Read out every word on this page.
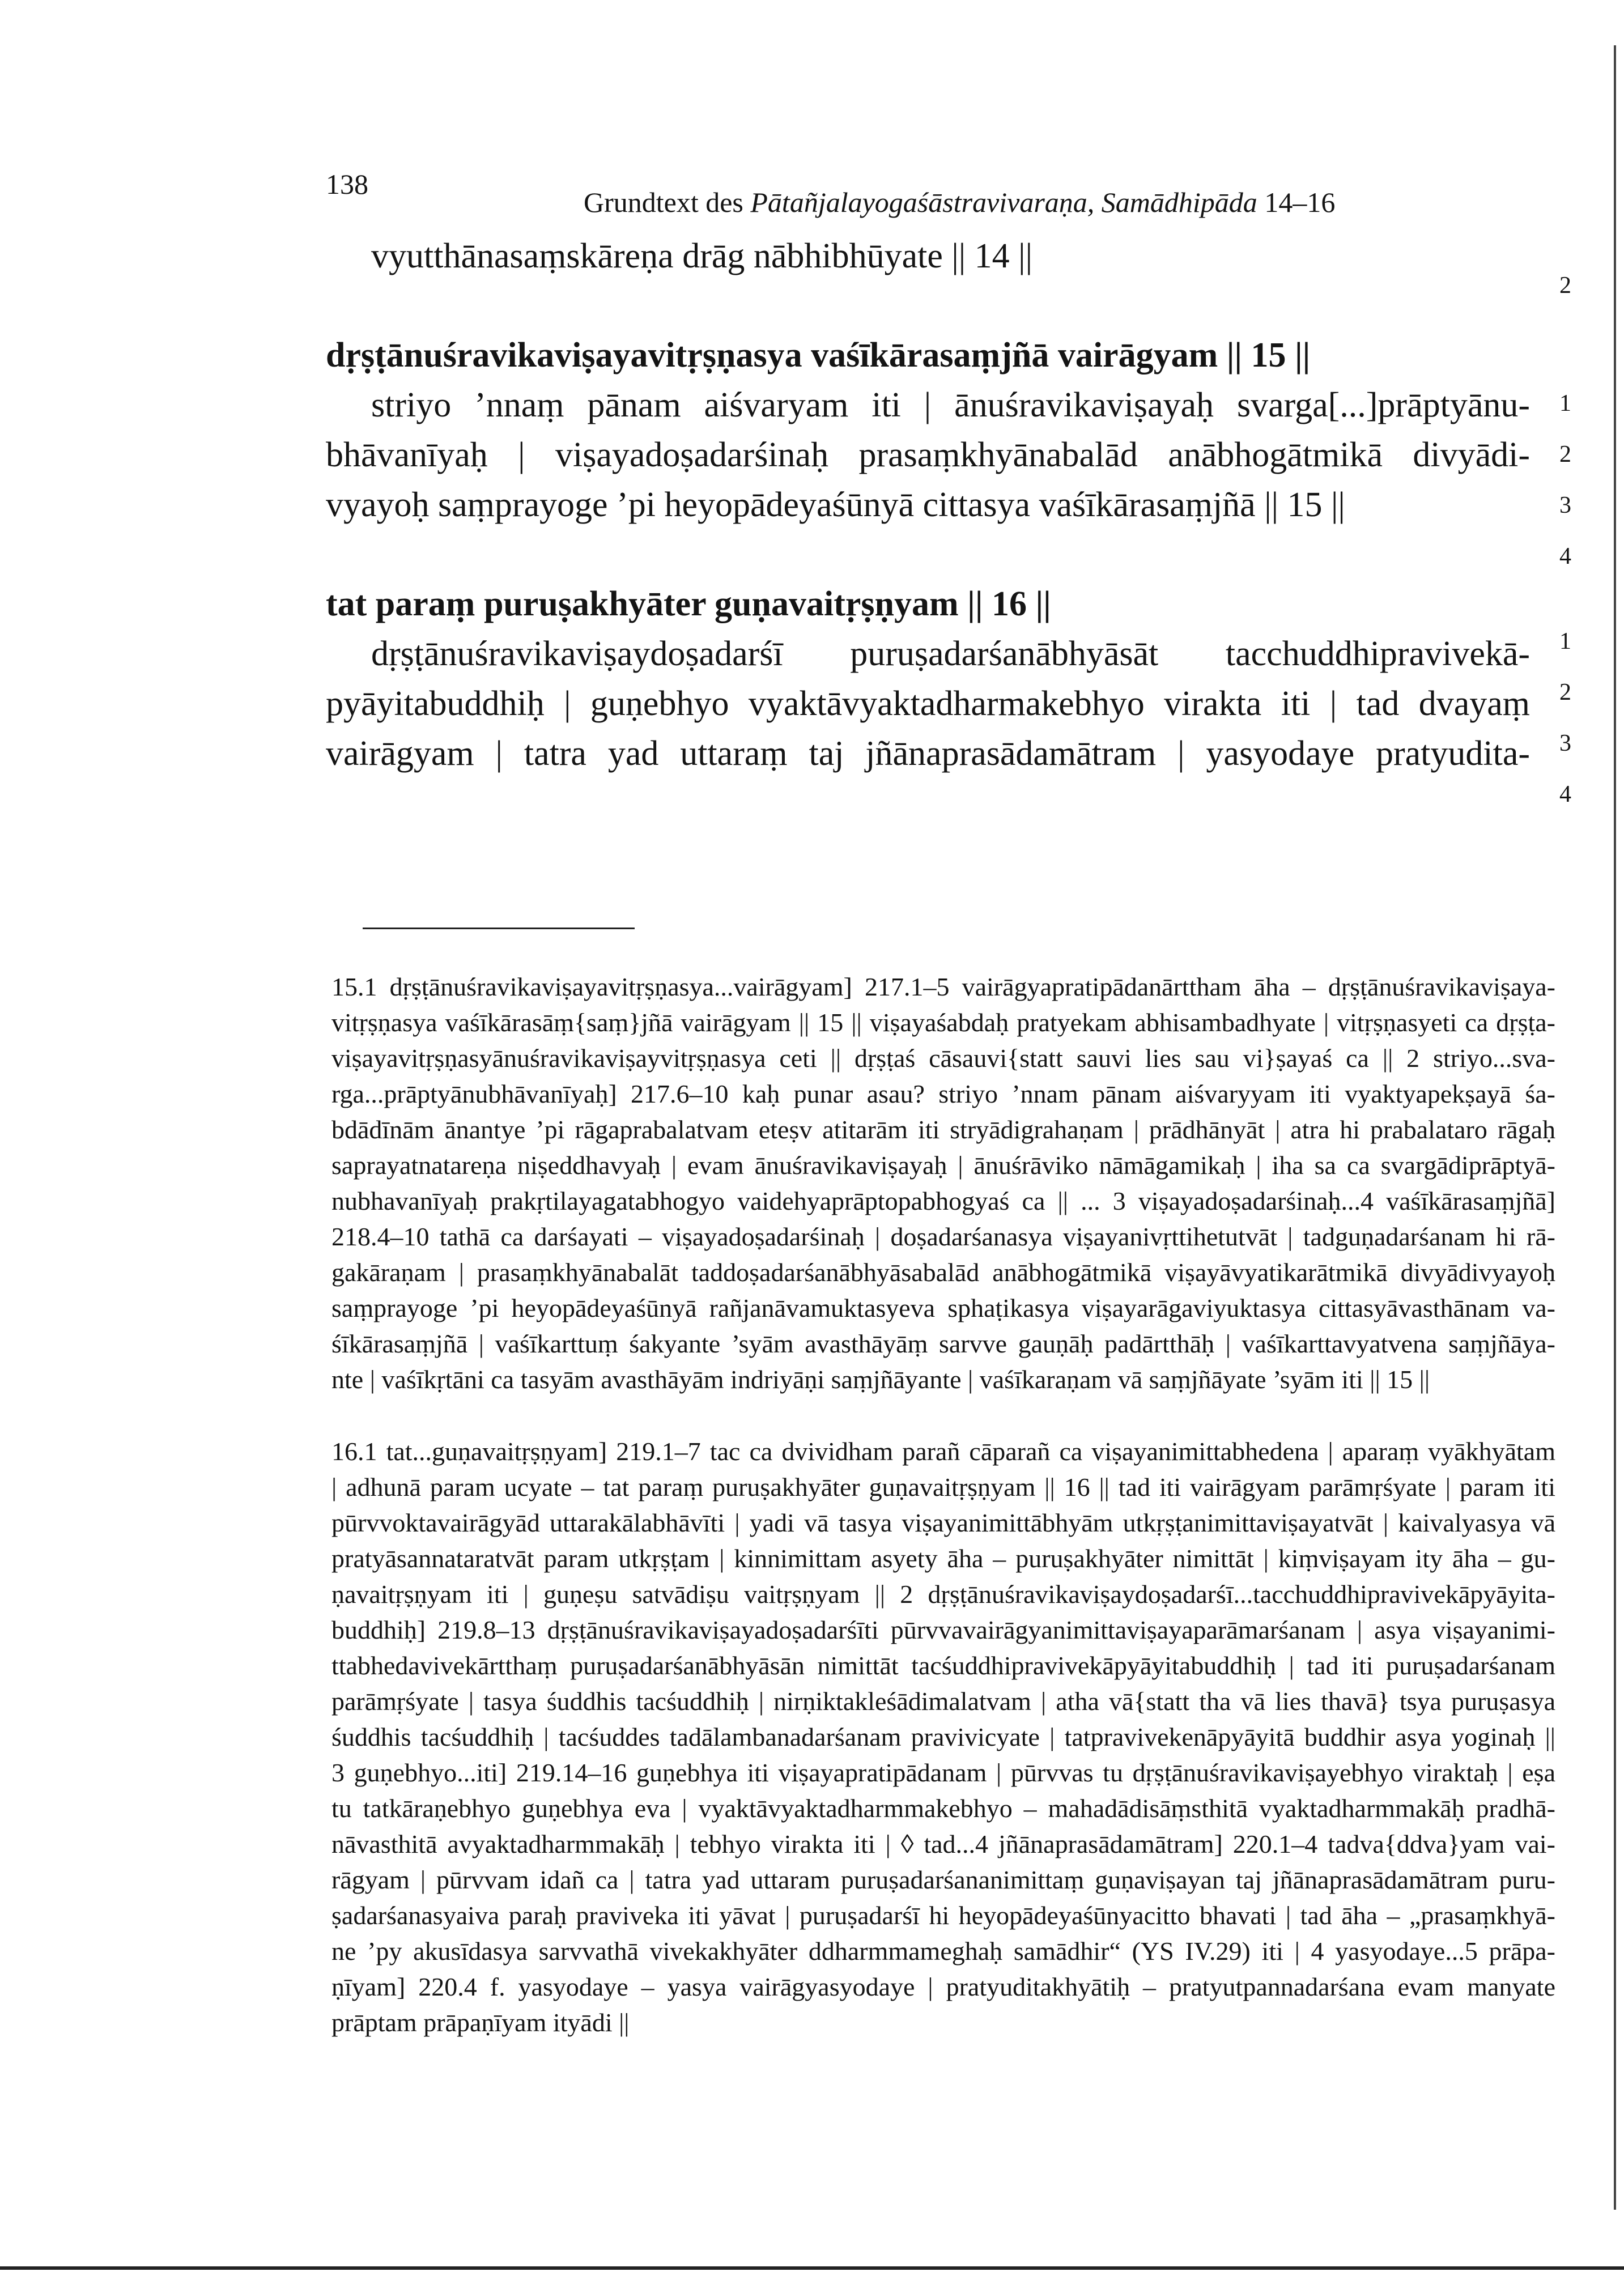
138
Grundtext des Pātañjalayogaśāstravivaraṇa, Samādhipāda 14–16
vyutthānasaṃskāreṇa drāg nābhibhūyate || 14 ||
dṛṣṭānuśravikaviṣayavitṛṣṇasya vaśīkārasaṃjñā vairāgyam || 15 ||
striyo ’nnaṃ pānam aiśvaryam iti | ānuśravikaviṣayaḥ svarga[...]prāptyānu-
bhāvanīyaḥ | viṣayadoṣadarśinaḥ prasaṃkhyānabalād anābhogātmikā divyādi-
vyayoḥ saṃprayoge ’pi heyopādeyaśūnyā cittasya vaśīkārasaṃjñā || 15 ||
tat paraṃ puruṣakhyāter guṇavaitṛṣṇyam || 16 ||
dṛṣṭānuśravikaviṣaydoṣadarśī puruṣadarśanābhyāsāt tacchuddhipravivekā-
pyāyitabuddhiḥ | guṇebhyo vyaktāvyaktadharmakebhyo virakta iti | tad dvayaṃ
vairāgyam | tatra yad uttaraṃ taj jñānaprasādamātram | yasyodaye pratyudita-
2
1
2
3
4
1
2
3
4
15.1 dṛṣṭānuśravikaviṣayavitṛṣṇasya...vairāgyam] 217.1–5 vairāgyapratipādanārttham āha – dṛṣṭānuśravikaviṣaya-
vitṛṣṇasya vaśīkārasāṃ{saṃ}jñā vairāgyam || 15 || viṣayaśabdaḥ pratyekam abhisambadhyate | vitṛṣṇasyeti ca dṛṣṭa-
viṣayavitṛṣṇasyānuśravikaviṣayvitṛṣṇasya ceti || dṛṣṭaś cāsauvi{statt sauvi lies sau vi}ṣayaś ca || 2 striyo...sva-
rga...prāptyānubhāvanīyaḥ] 217.6–10 kaḥ punar asau? striyo ’nnam pānam aiśvaryyam iti vyaktyapekṣayā śa-
bdādīnām ānantye ’pi rāgaprabalatvam eteṣv atitarām iti stryādigrahaṇam | prādhānyāt | atra hi prabalataro rāgaḥ
saprayatnatareṇa niṣeddhavyaḥ | evam ānuśravikaviṣayaḥ | ānuśrāviko nāmāgamikaḥ | iha sa ca svargādiprāptyā-
nubhavanīyaḥ prakṛtilayagatabhogyo vaidehyaprāptopabhogyaś ca || ... 3 viṣayadoṣadarśinaḥ...4 vaśīkārasaṃjñā]
218.4–10 tathā ca darśayati – viṣayadoṣadarśinaḥ | doṣadarśanasya viṣayanivṛttihetutvāt | tadguṇadarśanam hi rā-
gakāraṇam | prasaṃkhyānabalāt taddoṣadarśanābhyāsabalād anābhogātmikā viṣayāvyatikarātmikā divyādivyayoḥ
saṃprayoge ’pi heyopādeyaśūnyā rañjanāvamuktasyeva sphaṭikasya viṣayarāgaviyuktasya cittasyāvasthānam va-
śīkārasaṃjñā | vaśīkarttuṃ śakyante ’syām avasthāyāṃ sarvve gauṇāḥ padārtthāḥ | vaśīkarttavyatvena saṃjñāya-
nte | vaśīkṛtāni ca tasyām avasthāyām indriyāṇi saṃjñāyante | vaśīkaraṇam vā saṃjñāyate ’syām iti || 15 ||
16.1 tat...guṇavaitṛṣṇyam] 219.1–7 tac ca dvividham parañ cāparañ ca viṣayanimittabhedena | aparaṃ vyākhyātam
| adhunā param ucyate – tat paraṃ puruṣakhyāter guṇavaitṛṣṇyam || 16 || tad iti vairāgyam parāmṛśyate | param iti
pūrvvoktavairāgyād uttarakālabhāvīti | yadi vā tasya viṣayanimittābhyām utkṛṣṭanimittaviṣayatvāt | kaivalyasya vā
pratyāsannataratvāt param utkṛṣṭam | kinnimittam asyety āha – puruṣakhyāter nimittāt | kiṃviṣayam ity āha – gu-
ṇavaitṛṣṇyam iti | guṇeṣu satvādiṣu vaitṛṣṇyam || 2 dṛṣṭānuśravikaviṣaydoṣadarśī...tacchuddhipravivekāpyāyita-
buddhiḥ] 219.8–13 dṛṣṭānuśravikaviṣayadoṣadarśīti pūrvvavairāgyanimittaviṣayaparāmarśanam | asya viṣayanimi-
ttabhedavivekārtthaṃ puruṣadarśanābhyāsān nimittāt tacśuddhipravivekāpyāyitabuddhiḥ | tad iti puruṣadarśanam
parāmṛśyate | tasya śuddhis tacśuddhiḥ | nirṇiktakleśādimalatvam | atha vā{statt tha vā lies thavā} tsya puruṣasya
śuddhis tacśuddhiḥ | tacśuddes tadālambanadarśanam pravivicyate | tatpravivekenāpyāyitā buddhir asya yoginaḥ ||
3 guṇebhyo...iti] 219.14–16 guṇebhya iti viṣayapratipādanam | pūrvvas tu dṛṣṭānuśravikaviṣayebhyo viraktaḥ | eṣa
tu tatkāraṇebhyo guṇebhya eva | vyaktāvyaktadharmmakebhyo – mahadādisāṃsthitā vyaktadharmmakāḥ pradhā-
nāvasthitā avyaktadharmmakāḥ | tebhyo virakta iti | ◊ tad...4 jñānaprasādamātram] 220.1–4 tadva{ddva}yam vai-
rāgyam | pūrvvam idañ ca | tatra yad uttaram puruṣadarśananimittaṃ guṇaviṣayan taj jñānaprasādamātram puru-
ṣadarśanasyaiva paraḥ praviveka iti yāvat | puruṣadarśī hi heyopādeyaśūnyacitto bhavati | tad āha – „prasaṃkhyā-
ne ’py akusīdasya sarvvathā vivekakhyāter ddharmmameghaḥ samādhir“ (YS IV.29) iti | 4 yasyodaye...5 prāpa-
ṇīyam] 220.4 f. yasyodaye – yasya vairāgyasyodaye | pratyuditakhyātiḥ – pratyutpannadarśana evam manyate
prāptam prāpaṇīyam ityādi ||
